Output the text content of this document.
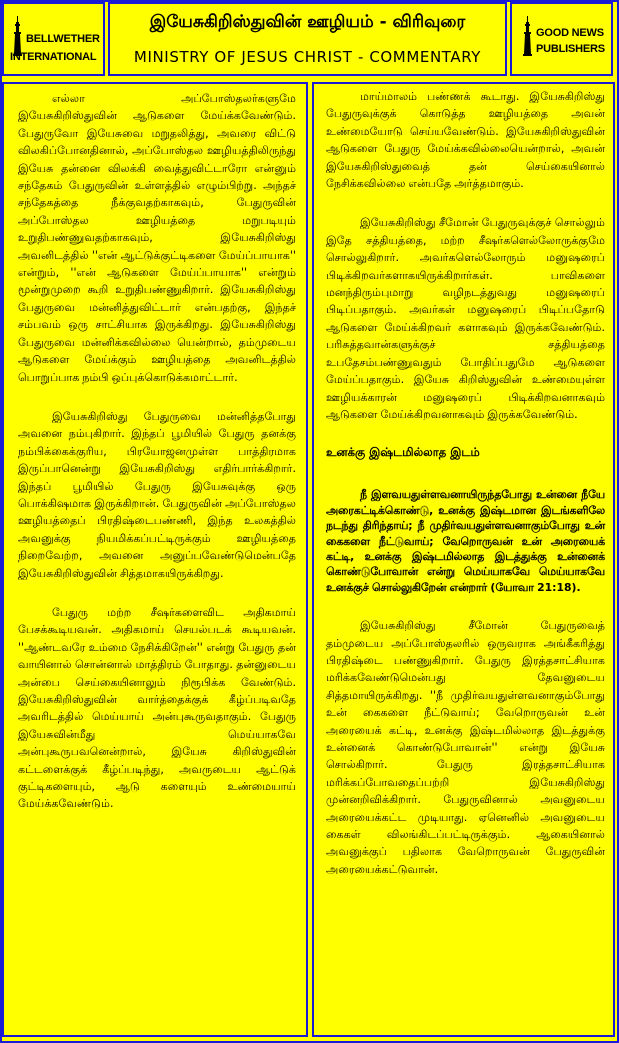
BELLWETHER
INTERNATIONAL
இயேசுகிறிஸ்துவின் ஊழியம் - விரிவுரை
MINISTRY OF JESUS CHRIST - COMMENTARY
GOOD NEWS
PUBLISHERS

எல்லா அப்போஸ்தலர்களுமே இயேசுகிறிஸ்துவின் ஆடுகளை மேய்க்கவேண்டும். பேதுருவோ இயேசுவை மறுதலித்து, அவரை விட்டு விலகிப்போனதினால், அப்போஸ்தல ஊழியத்திலிருந்து இயேசு தன்னை விலக்கி வைத்துவிட்டாரோ என்னும் சந்தேகம் பேதுருவின் உள்ளத்தில் எழும்பிற்று. அந்தச் சந்தேகத்தை நீக்குவதற்காகவும், பேதுருவின் அப்போஸ்தல ஊழியத்தை மறுபடியும் உறுதிபண்ணுவதற்காகவும், இயேசுகிறிஸ்து அவனிடத்தில் ''என் ஆட்டுக்குட்டிகளை மேய்ப்பாயாக'' என்றும், ''என் ஆடுகளை மேய்ப்பாயாக'' என்றும் மூன்றுமுறை கூறி உறுதிபண்ணுகிறார். இயேசுகிறிஸ்து பேதுருவை மன்னித்துவிட்டார் என்பதற்கு, இந்தச் சம்பவம் ஒரு சாட்சியாக இருக்கிறது. இயேசுகிறிஸ்து பேதுருவை மன்னிக்கவில்லை யென்றால், தம்முடைய ஆடுகளை மேய்க்கும் ஊழியத்தை அவனிடத்தில் பொறுப்பாக நம்பி ஒப்புக்கொடுக்கமாட்டார்.

இயேசுகிறிஸ்து பேதுருவை மன்னித்தபோது அவனை நம்புகிறார். இந்தப் பூமியில் பேதுரு தனக்கு நம்பிக்கைக்குரிய, பிரயோஜனமுள்ள பாத்திரமாக இருப்பானென்று இயேசுகிறிஸ்து எதிர்பார்க்கிறார். இந்தப் பூமியில் பேதுரு இயேசுவுக்கு ஒரு பொக்கிஷமாக இருக்கிறான். பேதுருவின் அப்போஸ்தல ஊழியத்தைப் பிரதிஷ்டைபண்ணி, இந்த உலகத்தில் அவனுக்கு நியமிக்கப்பட்டிருக்கும் ஊழியத்தை நிறைவேற்ற, அவனை அனுப்பவேண்டுமென்பதே இயேசுகிறிஸ்துவின் சித்தமாகயிருக்கிறது.

பேதுரு மற்ற சீஷர்களைவிட அதிகமாய் பேசக்கூடியவன். அதிகமாய் செயல்படக் கூடியவன். ''ஆண்டவரே உம்மை நேசிக்கிறேன்'' என்று பேதுரு தன் வாயினால் சொன்னால் மாத்திரம் போதாது. தன்னுடைய அன்பை செய்கையினாலும் நிரூபிக்க வேண்டும். இயேசுகிறிஸ்துவின் வார்த்தைக்குக் கீழ்ப்படிவதே அவரிடத்தில் மெய்யாய் அன்புகூருவதாகும். பேதுரு இயேசுவின்மீது மெய்யாகவே அன்புகூருபவனென்றால், இயேசு கிறிஸ்துவின் கட்டளைக்குக் கீழ்ப்படிந்து, அவருடைய ஆட்டுக் குட்டிகளையும், ஆடு களையும் உண்மையாய் மேய்க்கவேண்டும்.

மாய்மாலம் பண்ணக் கூடாது. இயேசுகிறிஸ்து பேதுருவுக்குக் கொடுத்த ஊழியத்தை அவன் உண்மையோடு செய்யவேண்டும். இயேசுகிறிஸ்துவின் ஆடுகளை பேதுரு மேய்க்கவில்லையென்றால், அவன் இயேசுகிறிஸ்துவைத் தன் செய்கையினால் நேசிக்கவில்லை என்பதே அர்த்தமாகும்.

இயேசுகிறிஸ்து சீமோன் பேதுருவுக்குச் சொல்லும் இதே சத்தியத்தை, மற்ற சீஷர்களெல்லோருக்குமே சொல்லுகிறார். அவர்களெல்லோரும் மனுஷரைப் பிடிக்கிறவர்களாகயிருக்கிறார்கள். பாவிகளை மனந்திரும்புமாறு வழிநடத்துவது மனுஷரைப் பிடிப்பதாகும். அவர்கள் மனுஷரைப் பிடிப்பதோடு ஆடுகளை மேய்க்கிறவர் களாகவும் இருக்கவேண்டும். பரிசுத்தவான்களுக்குச் சத்தியத்தை உபதேசம்பண்ணுவதும் போதிப்பதுமே ஆடுகளை மேய்ப்பதாகும். இயேசு கிறிஸ்துவின் உண்மையுள்ள ஊழியக்காரன் மனுஷரைப் பிடிக்கிறவனாகவும் ஆடுகளை மேய்க்கிறவனாகவும் இருக்கவேண்டும்.

உனக்கு இஷ்டமில்லாத இடம்

நீ இளவயதுள்ளவனாயிருந்தபோது உன்னை நீயே அரைகட்டிக்கொண்டு, உனக்கு இஷ்டமான இடங்களிலே நடந்து திரிந்தாய்; நீ முதிர்வயதுள்ளவனாகும்போது உன் கைகளை நீட்டுவாய்; வேறொருவன் உன் அரையைக் கட்டி, உனக்கு இஷ்டமில்லாத இடத்துக்கு உன்னைக் கொண்டுபோவான் என்று மெய்யாகவே மெய்யாகவே உனக்குச் சொல்லுகிறேன் என்றார் (யோவா 21:18).

இயேசுகிறிஸ்து சீமோன் பேதுருவைத் தம்முடைய அப்போஸ்தலரில் ஒருவராக அங்கீகரித்து பிரதிஷ்டை பண்ணுகிறார். பேதுரு இரத்தசாட்சியாக மரிக்கவேண்டுமென்பது தேவனுடைய சித்தமாயிருக்கிறது. ''நீ முதிர்வயதுள்ளவனாகும்போது உன் கைகளை நீட்டுவாய்; வேறொருவன் உன் அரையைக் கட்டி, உனக்கு இஷ்டமில்லாத இடத்துக்கு உன்னைக் கொண்டுபோவான்'' என்று இயேசு சொல்கிறார். பேதுரு இரத்தசாட்சியாக மரிக்கப்போவதைப்பற்றி இயேசுகிறிஸ்து முன்னறிவிக்கிறார். பேதுருவினால் அவனுடைய அரையைக்கட்ட முடியாது. ஏனெனில் அவனுடைய கைகள் விலங்கிடப்பட்டிருக்கும். ஆகையினால் அவனுக்குப் பதிலாக வேறொருவன் பேதுருவின் அரையைக்கட்டுவான்.
